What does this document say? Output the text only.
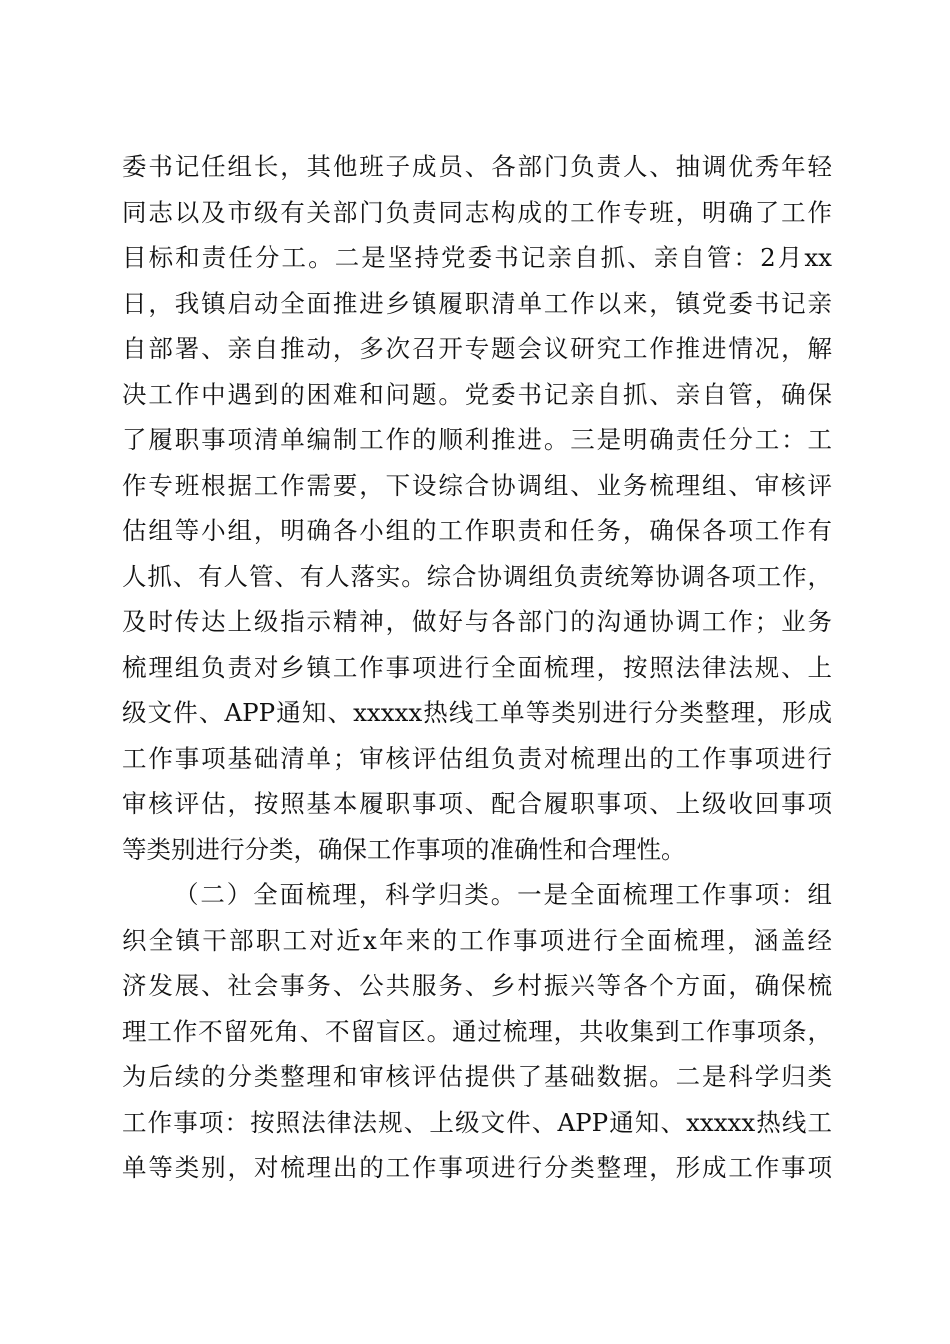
委书记任组长，其他班子成员、各部门负责人、抽调优秀年轻
同志以及市级有关部门负责同志构成的工作专班，明确了工作
目标和责任分工。二是坚持党委书记亲自抓、亲自管：2月xx
日，我镇启动全面推进乡镇履职清单工作以来，镇党委书记亲
自部署、亲自推动，多次召开专题会议研究工作推进情况，解
决工作中遇到的困难和问题。党委书记亲自抓、亲自管，确保
了履职事项清单编制工作的顺利推进。三是明确责任分工：工
作专班根据工作需要，下设综合协调组、业务梳理组、审核评
估组等小组，明确各小组的工作职责和任务，确保各项工作有
人抓、有人管、有人落实。综合协调组负责统筹协调各项工作，
及时传达上级指示精神，做好与各部门的沟通协调工作；业务
梳理组负责对乡镇工作事项进行全面梳理，按照法律法规、上
级文件、APP通知、xxxxx热线工单等类别进行分类整理，形成
工作事项基础清单；审核评估组负责对梳理出的工作事项进行
审核评估，按照基本履职事项、配合履职事项、上级收回事项
等类别进行分类，确保工作事项的准确性和合理性。
（二）全面梳理，科学归类。一是全面梳理工作事项：组
织全镇干部职工对近x年来的工作事项进行全面梳理，涵盖经
济发展、社会事务、公共服务、乡村振兴等各个方面，确保梳
理工作不留死角、不留盲区。通过梳理，共收集到工作事项条，
为后续的分类整理和审核评估提供了基础数据。二是科学归类
工作事项：按照法律法规、上级文件、APP通知、xxxxx热线工
单等类别，对梳理出的工作事项进行分类整理，形成工作事项
